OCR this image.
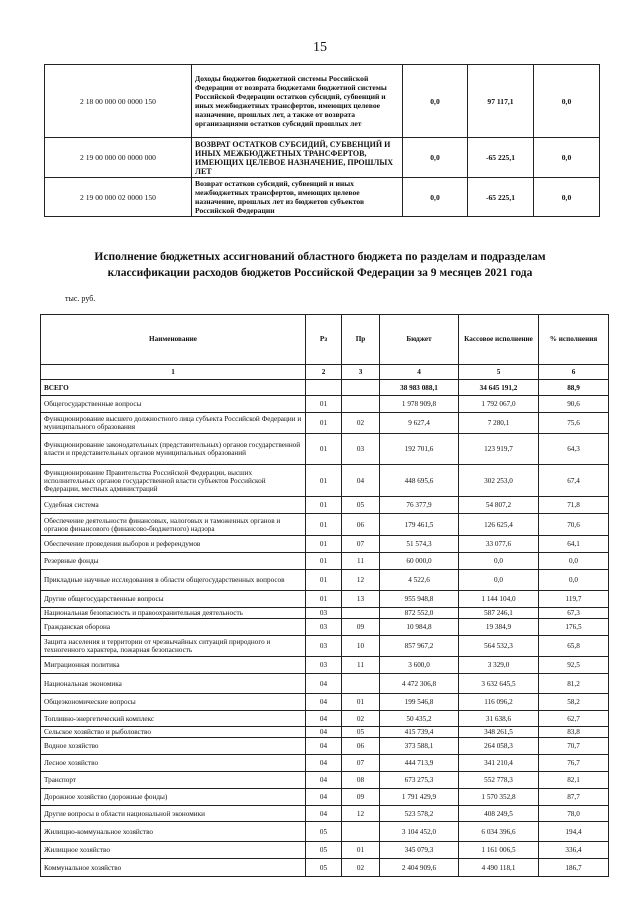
15
2 18 00 000 00 0000 150	Доходы бюджетов бюджетной системы Российской Федерации от возврата бюджетами бюджетной системы Российской Федерации остатков субсидий, субвенций и иных межбюджетных трансфертов, имеющих целевое назначение, прошлых лет, а также от возврата организациями остатков субсидий прошлых лет	0,0	97 117,1	0,0
2 19 00 000 00 0000 000	ВОЗВРАТ ОСТАТКОВ СУБСИДИЙ, СУБВЕНЦИЙ И ИНЫХ МЕЖБЮДЖЕТНЫХ ТРАНСФЕРТОВ, ИМЕЮЩИХ ЦЕЛЕВОЕ НАЗНАЧЕНИЕ, ПРОШЛЫХ ЛЕТ	0,0	-65 225,1	0,0
2 19 00 000 02 0000 150	Возврат остатков субсидий, субвенций и иных межбюджетных трансфертов, имеющих целевое назначение, прошлых лет из бюджетов субъектов Российской Федерации	0,0	-65 225,1	0,0
Исполнение бюджетных ассигнований областного бюджета по разделам и подразделам
классификации расходов бюджетов Российской Федерации за 9 месяцев 2021 года
тыс. руб.
Наименование	Рз	Пр	Бюджет	Кассовое исполнение	% исполнения
1	2	3	4	5	6
ВСЕГО			38 983 088,1	34 645 191,2	88,9
Общегосударственные вопросы	01		1 978 909,8	1 792 067,0	90,6
Функционирование высшего должностного лица субъекта Российской Федерации и муниципального образования	01	02	9 627,4	7 280,1	75,6
Функционирование законодательных (представительных) органов государственной власти и представительных органов муниципальных образований	01	03	192 701,6	123 919,7	64,3
Функционирование Правительства Российской Федерации, высших исполнительных органов государственной власти субъектов Российской Федерации, местных администраций	01	04	448 695,6	302 253,0	67,4
Судебная система	01	05	76 377,9	54 807,2	71,8
Обеспечение деятельности финансовых, налоговых и таможенных органов и органов финансового (финансово-бюджетного) надзора	01	06	179 461,5	126 625,4	70,6
Обеспечение проведения выборов и референдумов	01	07	51 574,3	33 077,6	64,1
Резервные фонды	01	11	60 000,0	0,0	0,0
Прикладные научные исследования в области общегосударственных вопросов	01	12	4 522,6	0,0	0,0
Другие общегосударственные вопросы	01	13	955 948,8	1 144 104,0	119,7
Национальная безопасность и правоохранительная деятельность	03		872 552,0	587 246,1	67,3
Гражданская оборона	03	09	10 984,8	19 384,9	176,5
Защита населения и территории от чрезвычайных ситуаций природного и техногенного характера, пожарная безопасность	03	10	857 967,2	564 532,3	65,8
Миграционная политика	03	11	3 600,0	3 329,0	92,5
Национальная экономика	04		4 472 306,8	3 632 645,5	81,2
Общеэкономические вопросы	04	01	199 546,8	116 096,2	58,2
Топливно-энергетический комплекс	04	02	50 435,2	31 638,6	62,7
Сельское хозяйство и рыболовство	04	05	415 739,4	348 261,5	83,8
Водное хозяйство	04	06	373 588,1	264 058,3	70,7
Лесное хозяйство	04	07	444 713,9	341 210,4	76,7
Транспорт	04	08	673 275,3	552 778,3	82,1
Дорожное хозяйство (дорожные фонды)	04	09	1 791 429,9	1 570 352,8	87,7
Другие вопросы в области национальной экономики	04	12	523 578,2	408 249,5	78,0
Жилищно-коммунальное хозяйство	05		3 104 452,0	6 034 396,6	194,4
Жилищное хозяйство	05	01	345 079,3	1 161 006,5	336,4
Коммунальное хозяйство	05	02	2 404 909,6	4 490 118,1	186,7
